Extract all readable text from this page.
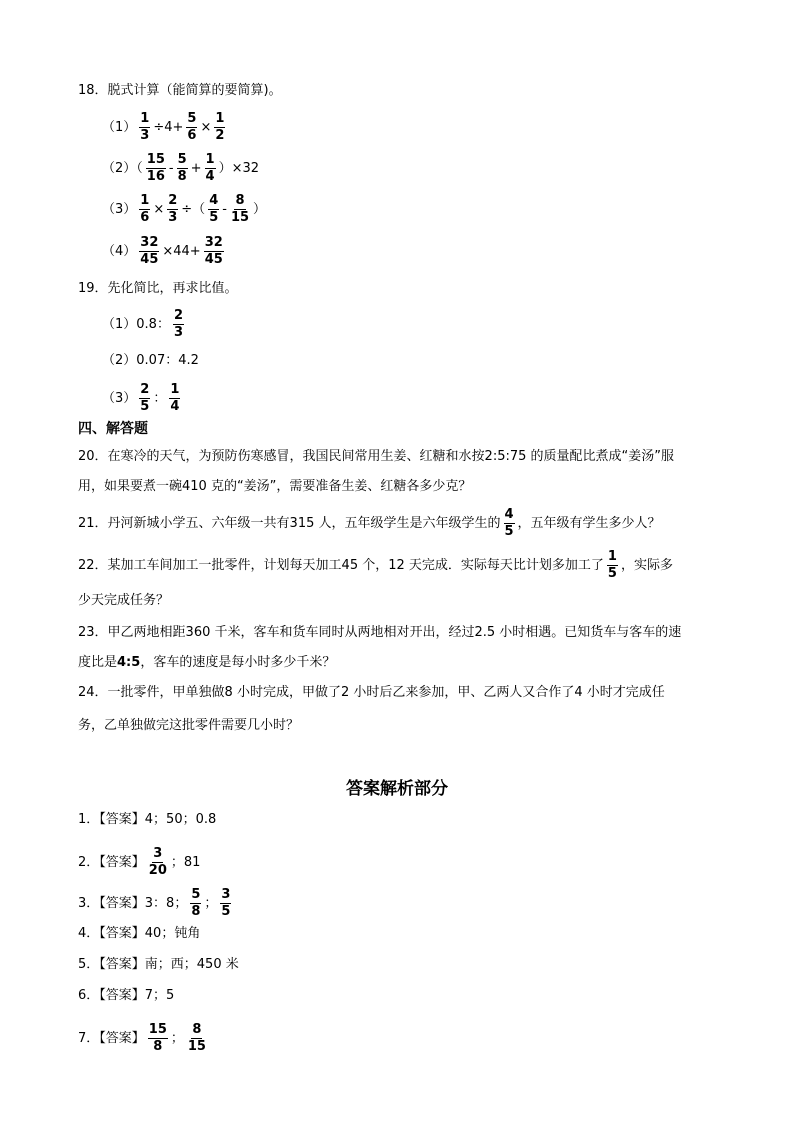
18．脱式计算（能简算的要简算)。
$(1) \frac{1}{3} \div 4+ \frac{5}{6} \times \frac{1}{2}$
$(2)( \frac{15}{16} - \frac{5}{8} + \frac{1}{4} )\times 32$
$(3) \frac{1}{6} \times \frac{2}{3}$ ÷（ $\frac{4}{5} - \frac{8}{15}$ ）
$(4) \frac{32}{45} \times 44+ \frac{32}{45}$
19．先化简比，再求比值。
（1）0.8： $\frac{2}{3}$
（2）0.07：4.2
$(3) \frac{2}{5}$ ： $\frac{1}{4}$
四、解答题
20．在寒冷的天气，为预防伤寒感冒，我国民间常用生姜、红糖和水按2:5:75 的质量配比煮成“姜汤”服
用，如果要煮一碗410 克的“姜汤”，需要准备生姜、红糖各多少克？
21．丹河新城小学五、六年级一共有315 人，五年级学生是六年级学生的 $\frac{4}{5}$ ，五年级有学生多少人？
22．某加工车间加工一批零件，计划每天加工45 个，12 天完成．实际每天比计划多加工了 $\frac{1}{5}$ ，实际多
少天完成任务？
23．甲乙两地相距360 千米，客车和货车同时从两地相对开出，经过2.5 小时相遇。已知货车与客车的速
度比是 4:5 ，客车的速度是每小时多少千米？
24．一批零件，甲单独做8 小时完成，甲做了2 小时后乙来参加，甲、乙两人又合作了4 小时才完成任
务，乙单独做完这批零件需要几小时？
答案解析部分
1．【答案】4；50；0.8
2．【答案】 $\frac{3}{20}$ ；81
3．【答案】3：8； $\frac{5}{8}$ ； $\frac{3}{5}$
4．【答案】40；钝角
5．【答案】南；西；450 米
6．【答案】7；5
7．【答案】 $\frac{15}{8}$ ； $\frac{8}{15}$
